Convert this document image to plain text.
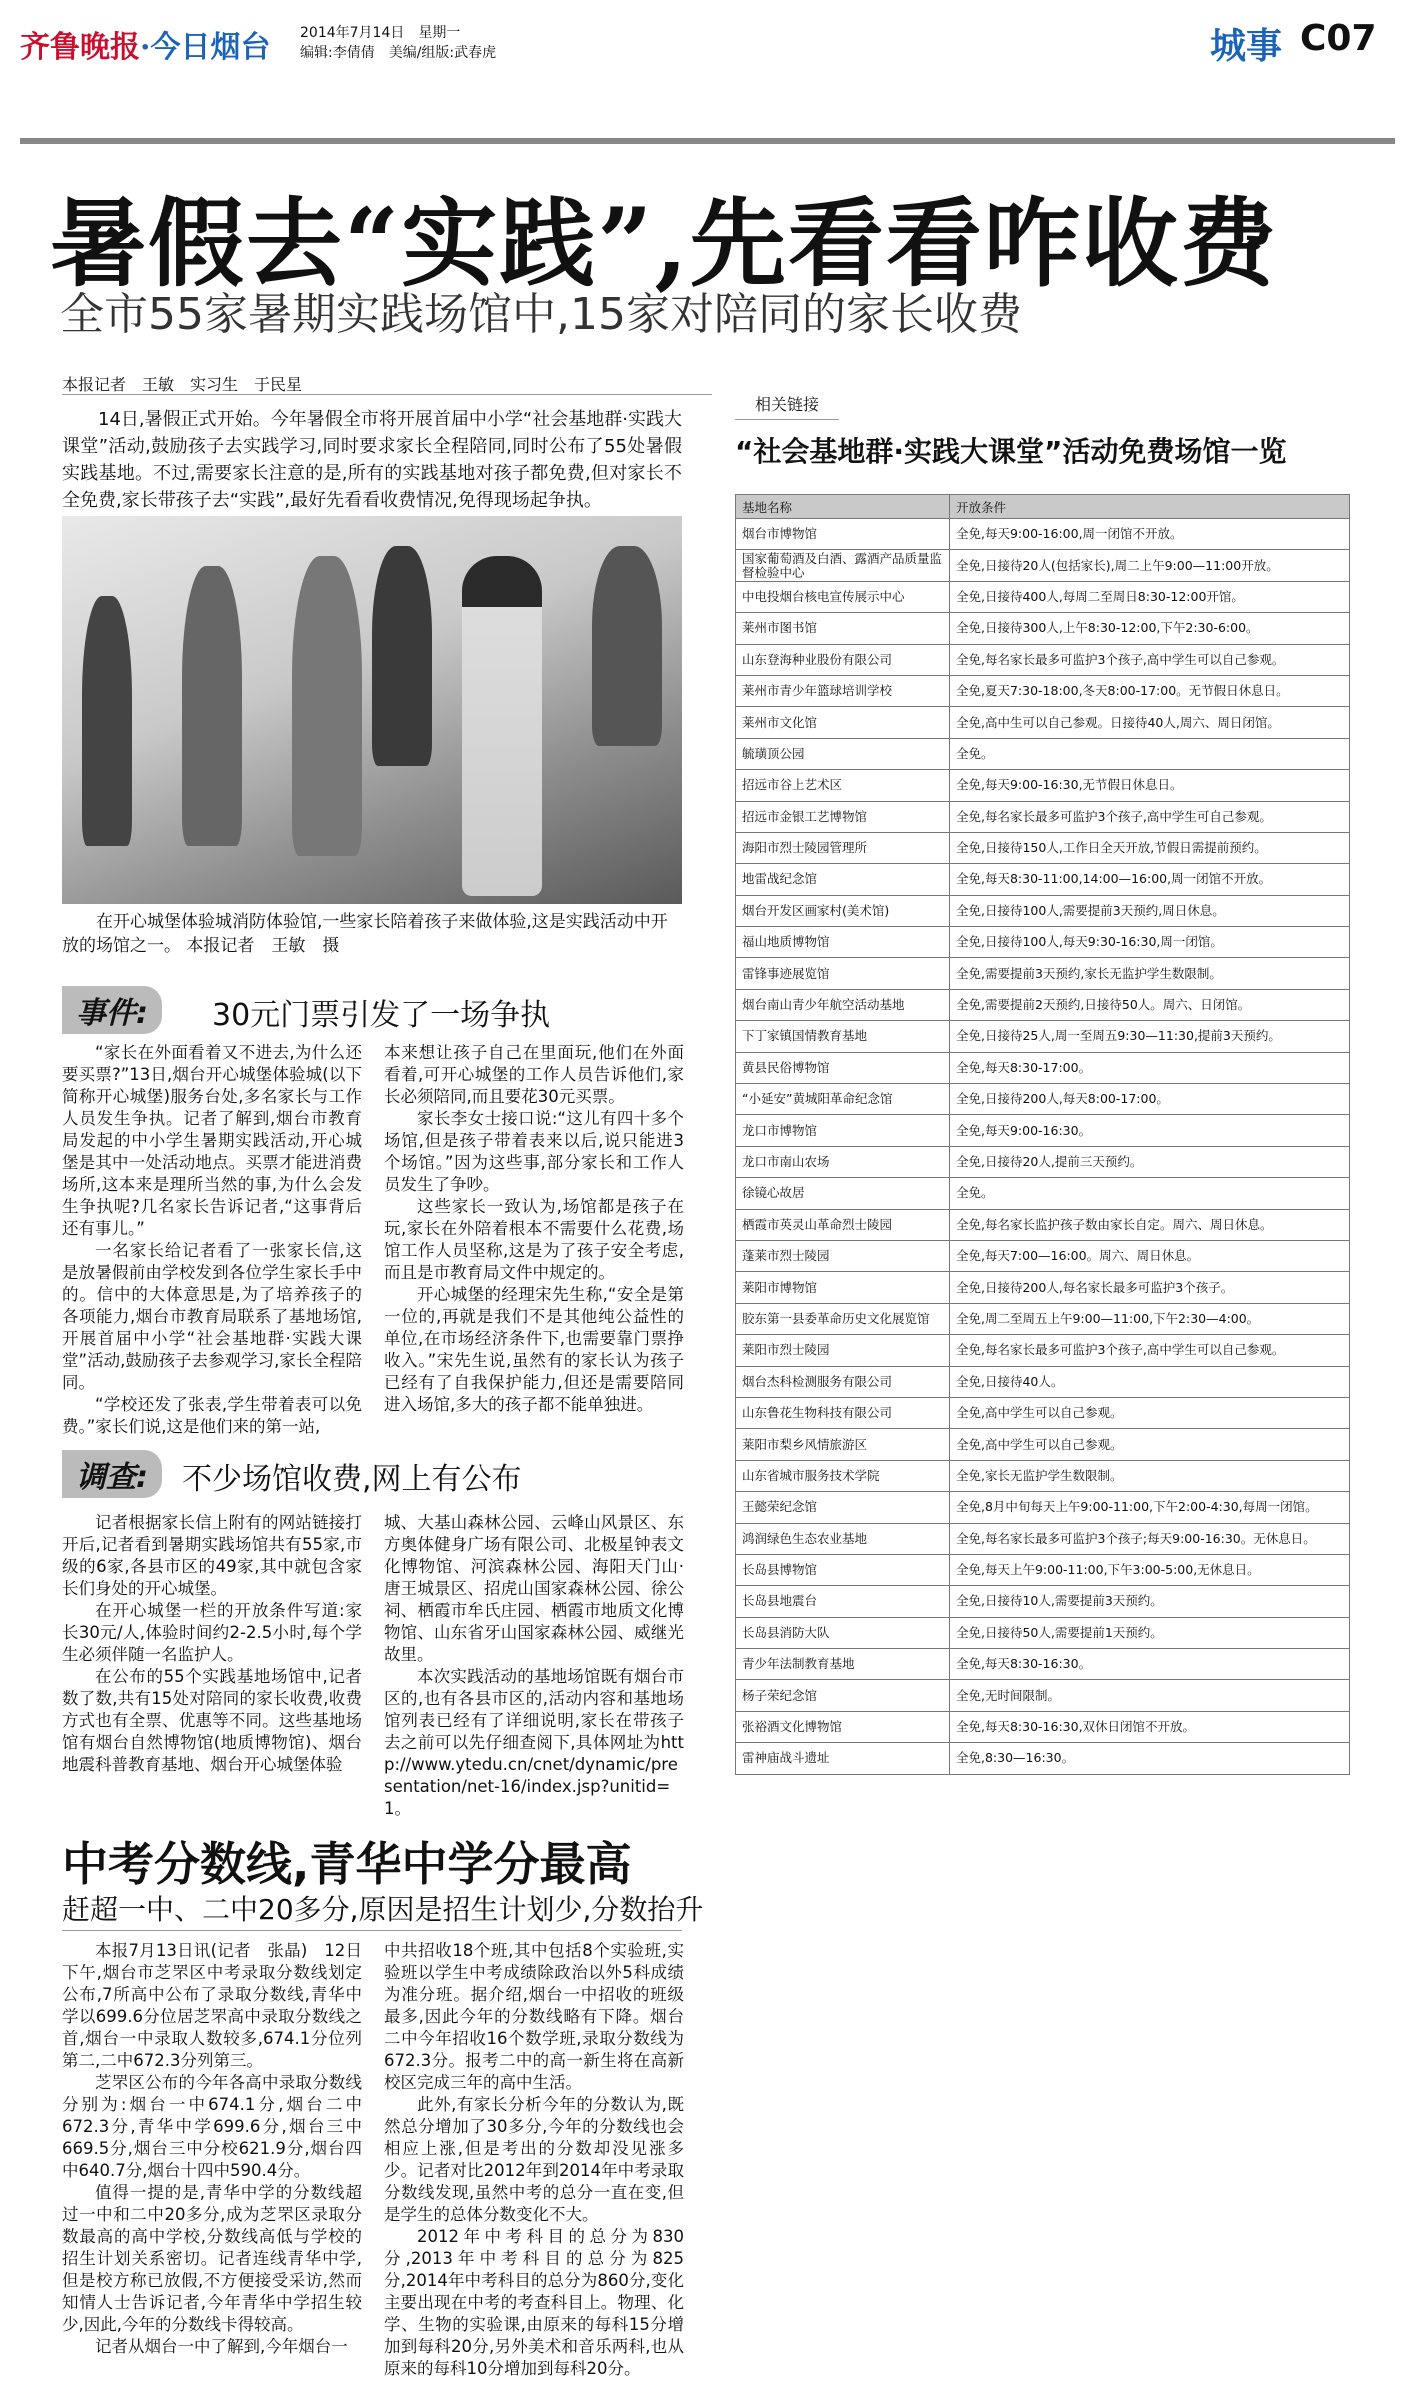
齐鲁晚报·今日烟台 2014年7月14日　星期一
编辑:李倩倩　美编/组版:武春虎	城事 C07
暑假去“实践”,先看看咋收费
全市55家暑期实践场馆中,15家对陪同的家长收费
本报记者　王敏　实习生　于民星

14日,暑假正式开始。今年暑假全市将开展首届中小学“社会基地群·实践大课堂”活动,鼓励孩子去实践学习,同时要求家长全程陪同,同时公布了55处暑假实践基地。不过,需要家长注意的是,所有的实践基地对孩子都免费,但对家长不全免费,家长带孩子去“实践”,最好先看看收费情况,免得现场起争执。

在开心城堡体验城消防体验馆,一些家长陪着孩子来做体验,这是实践活动中开放的场馆之一。 本报记者　王敏　摄

事件:	30元门票引发了一场争执

“家长在外面看着又不进去,为什么还要买票?”13日,烟台开心城堡体验城(以下简称开心城堡)服务台处,多名家长与工作人员发生争执。记者了解到,烟台市教育局发起的中小学生暑期实践活动,开心城堡是其中一处活动地点。买票才能进消费场所,这本来是理所当然的事,为什么会发生争执呢?几名家长告诉记者,“这事背后还有事儿。”

一名家长给记者看了一张家长信,这是放暑假前由学校发到各位学生家长手中的。信中的大体意思是,为了培养孩子的各项能力,烟台市教育局联系了基地场馆,开展首届中小学“社会基地群·实践大课堂”活动,鼓励孩子去参观学习,家长全程陪同。

“学校还发了张表,学生带着表可以免费。”家长们说,这是他们来的第一站,

本来想让孩子自己在里面玩,他们在外面看着,可开心城堡的工作人员告诉他们,家长必须陪同,而且要花30元买票。

家长李女士接口说:“这儿有四十多个场馆,但是孩子带着表来以后,说只能进3个场馆。”因为这些事,部分家长和工作人员发生了争吵。

这些家长一致认为,场馆都是孩子在玩,家长在外陪着根本不需要什么花费,场馆工作人员坚称,这是为了孩子安全考虑,而且是市教育局文件中规定的。

开心城堡的经理宋先生称,“安全是第一位的,再就是我们不是其他纯公益性的单位,在市场经济条件下,也需要靠门票挣收入。”宋先生说,虽然有的家长认为孩子已经有了自我保护能力,但还是需要陪同进入场馆,多大的孩子都不能单独进。

调查:	不少场馆收费,网上有公布

记者根据家长信上附有的网站链接打开后,记者看到暑期实践场馆共有55家,市级的6家,各县市区的49家,其中就包含家长们身处的开心城堡。

在开心城堡一栏的开放条件写道:家长30元/人,体验时间约2-2.5小时,每个学生必须伴随一名监护人。

在公布的55个实践基地场馆中,记者数了数,共有15处对陪同的家长收费,收费方式也有全票、优惠等不同。这些基地场馆有烟台自然博物馆(地质博物馆)、烟台地震科普教育基地、烟台开心城堡体验

城、大基山森林公园、云峰山风景区、东方奥体健身广场有限公司、北极星钟表文化博物馆、河滨森林公园、海阳天门山·唐王城景区、招虎山国家森林公园、徐公祠、栖霞市牟氏庄园、栖霞市地质文化博物馆、山东省牙山国家森林公园、威继光故里。

本次实践活动的基地场馆既有烟台市区的,也有各县市区的,活动内容和基地场馆列表已经有了详细说明,家长在带孩子去之前可以先仔细查阅下,具体网址为http://www.ytedu.cn/cnet/dynamic/presentation/net-16/index.jsp?unitid=1。

相关链接
“社会基地群·实践大课堂”活动免费场馆一览
基地名称	开放条件
烟台市博物馆	全免,每天9:00-16:00,周一闭馆不开放。
国家葡萄酒及白酒、露酒产品质量监督检验中心	全免,日接待20人(包括家长),周二上午9:00—11:00开放。
中电投烟台核电宣传展示中心	全免,日接待400人,每周二至周日8:30-12:00开馆。
莱州市图书馆	全免,日接待300人,上午8:30-12:00,下午2:30-6:00。
山东登海种业股份有限公司	全免,每名家长最多可监护3个孩子,高中学生可以自己参观。
莱州市青少年篮球培训学校	全免,夏天7:30-18:00,冬天8:00-17:00。无节假日休息日。
莱州市文化馆	全免,高中生可以自己参观。日接待40人,周六、周日闭馆。
毓璜顶公园	全免。
招远市谷上艺术区	全免,每天9:00-16:30,无节假日休息日。
招远市金银工艺博物馆	全免,每名家长最多可监护3个孩子,高中学生可自己参观。
海阳市烈士陵园管理所	全免,日接待150人,工作日全天开放,节假日需提前预约。
地雷战纪念馆	全免,每天8:30-11:00,14:00—16:00,周一闭馆不开放。
烟台开发区画家村(美术馆)	全免,日接待100人,需要提前3天预约,周日休息。
福山地质博物馆	全免,日接待100人,每天9:30-16:30,周一闭馆。
雷锋事迹展览馆	全免,需要提前3天预约,家长无监护学生数限制。
烟台南山青少年航空活动基地	全免,需要提前2天预约,日接待50人。周六、日闭馆。
下丁家镇国情教育基地	全免,日接待25人,周一至周五9:30—11:30,提前3天预约。
黄县民俗博物馆	全免,每天8:30-17:00。
“小延安”黄城阳革命纪念馆	全免,日接待200人,每天8:00-17:00。
龙口市博物馆	全免,每天9:00-16:30。
龙口市南山农场	全免,日接待20人,提前三天预约。
徐镜心故居	全免。
栖霞市英灵山革命烈士陵园	全免,每名家长监护孩子数由家长自定。周六、周日休息。
蓬莱市烈士陵园	全免,每天7:00—16:00。周六、周日休息。
莱阳市博物馆	全免,日接待200人,每名家长最多可监护3个孩子。
胶东第一县委革命历史文化展览馆	全免,周二至周五上午9:00—11:00,下午2:30—4:00。
莱阳市烈士陵园	全免,每名家长最多可监护3个孩子,高中学生可以自己参观。
烟台杰科检测服务有限公司	全免,日接待40人。
山东鲁花生物科技有限公司	全免,高中学生可以自己参观。
莱阳市梨乡风情旅游区	全免,高中学生可以自己参观。
山东省城市服务技术学院	全免,家长无监护学生数限制。
王懿荣纪念馆	全免,8月中旬每天上午9:00-11:00,下午2:00-4:30,每周一闭馆。
鸿润绿色生态农业基地	全免,每名家长最多可监护3个孩子;每天9:00-16:30。无休息日。
长岛县博物馆	全免,每天上午9:00-11:00,下午3:00-5:00,无休息日。
长岛县地震台	全免,日接待10人,需要提前3天预约。
长岛县消防大队	全免,日接待50人,需要提前1天预约。
青少年法制教育基地	全免,每天8:30-16:30。
杨子荣纪念馆	全免,无时间限制。
张裕酒文化博物馆	全免,每天8:30-16:30,双休日闭馆不开放。
雷神庙战斗遗址	全免,8:30—16:30。
中考分数线,青华中学分最高
赶超一中、二中20多分,原因是招生计划少,分数抬升

本报7月13日讯(记者　张晶)　12日下午,烟台市芝罘区中考录取分数线划定公布,7所高中公布了录取分数线,青华中学以699.6分位居芝罘高中录取分数线之首,烟台一中录取人数较多,674.1分位列第二,二中672.3分列第三。

芝罘区公布的今年各高中录取分数线分别为:烟台一中674.1分,烟台二中672.3分,青华中学699.6分,烟台三中669.5分,烟台三中分校621.9分,烟台四中640.7分,烟台十四中590.4分。

值得一提的是,青华中学的分数线超过一中和二中20多分,成为芝罘区录取分数最高的高中学校,分数线高低与学校的招生计划关系密切。记者连线青华中学,但是校方称已放假,不方便接受采访,然而知情人士告诉记者,今年青华中学招生较少,因此,今年的分数线卡得较高。

记者从烟台一中了解到,今年烟台一

中共招收18个班,其中包括8个实验班,实验班以学生中考成绩除政治以外5科成绩为准分班。据介绍,烟台一中招收的班级最多,因此今年的分数线略有下降。烟台二中今年招收16个数学班,录取分数线为672.3分。报考二中的高一新生将在高新校区完成三年的高中生活。

此外,有家长分析今年的分数认为,既然总分增加了30多分,今年的分数线也会相应上涨,但是考出的分数却没见涨多少。记者对比2012年到2014年中考录取分数线发现,虽然中考的总分一直在变,但是学生的总体分数变化不大。

2012年中考科目的总分为830分,2013年中考科目的总分为825分,2014年中考科目的总分为860分,变化主要出现在中考的考查科目上。物理、化学、生物的实验课,由原来的每科15分增加到每科20分,另外美术和音乐两科,也从原来的每科10分增加到每科20分。
